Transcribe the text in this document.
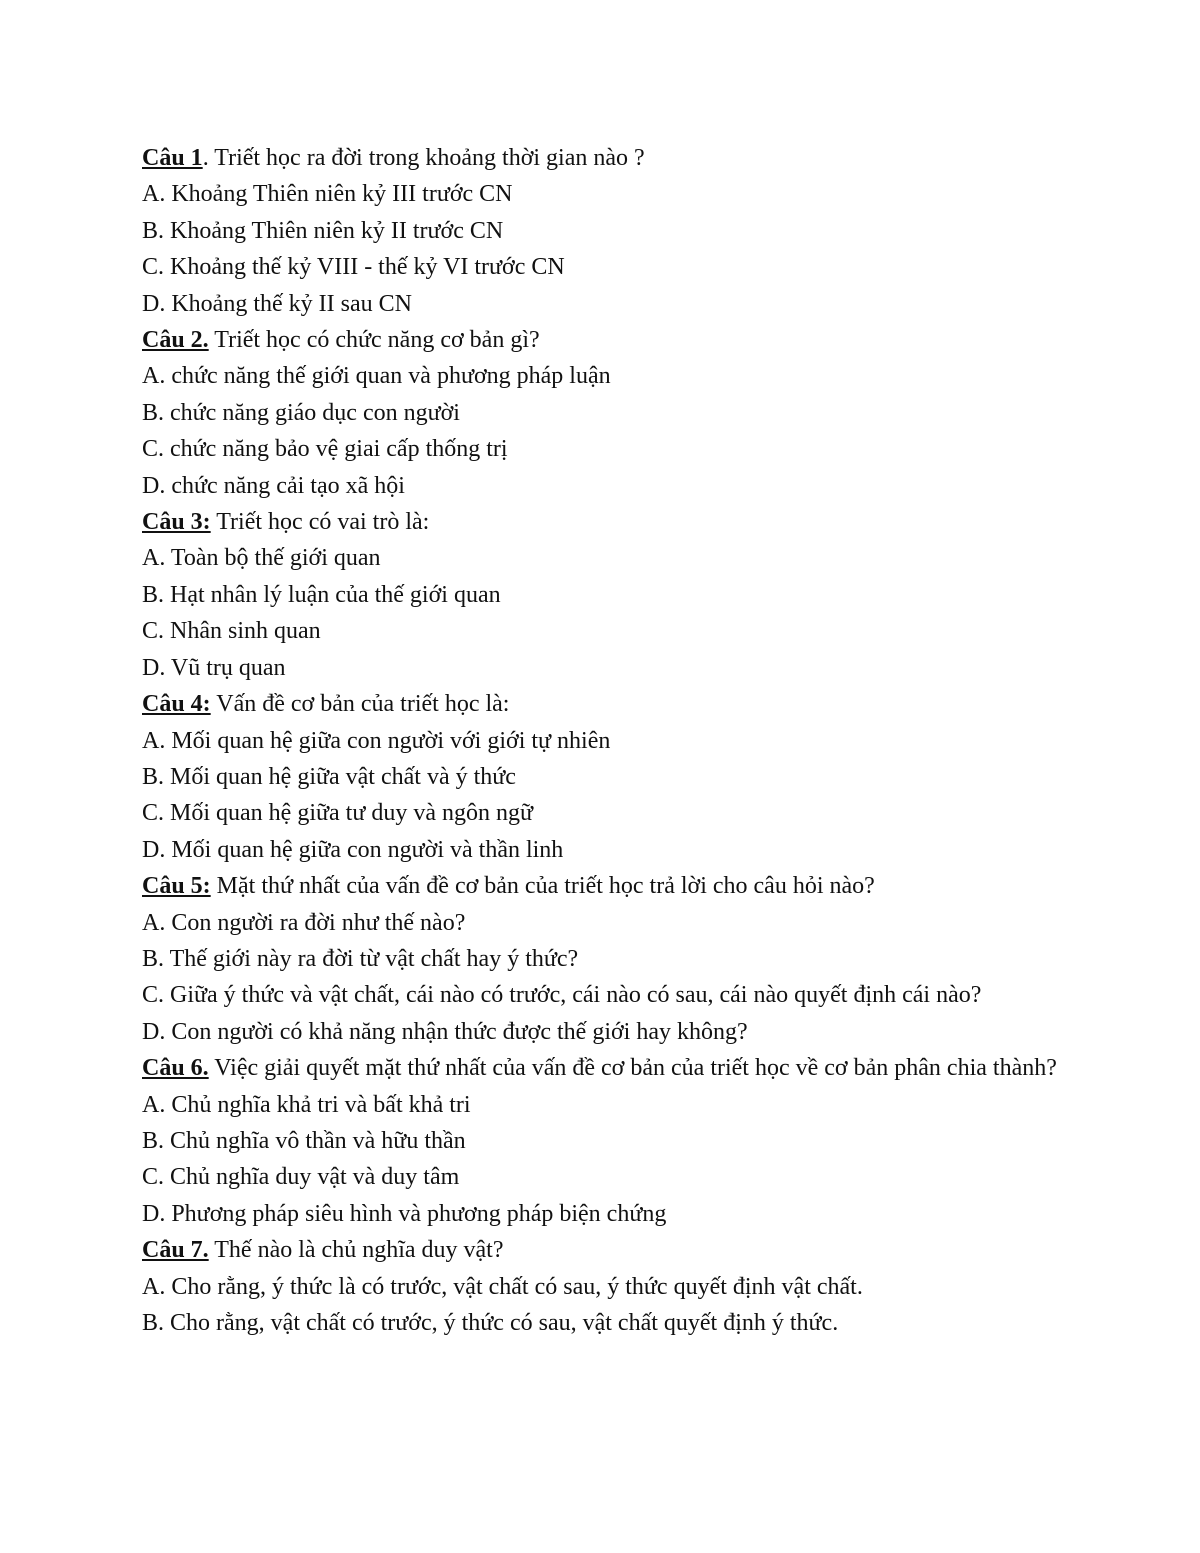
Câu 1. Triết học ra đời trong khoảng thời gian nào ?

A. Khoảng Thiên niên kỷ III trước CN

B. Khoảng Thiên niên kỷ II trước CN

C. Khoảng thế kỷ VIII - thế kỷ VI trước CN

D. Khoảng thế kỷ II sau CN

Câu 2. Triết học có chức năng cơ bản gì?

A. chức năng thế giới quan và phương pháp luận

B. chức năng giáo dục con người

C. chức năng bảo vệ giai cấp thống trị

D. chức năng cải tạo xã hội

Câu 3: Triết học có vai trò là:

A. Toàn bộ thế giới quan

B. Hạt nhân lý luận của thế giới quan

C. Nhân sinh quan

D. Vũ trụ quan

Câu 4: Vấn đề cơ bản của triết học là:

A. Mối quan hệ giữa con người với giới tự nhiên

B. Mối quan hệ giữa vật chất và ý thức

C. Mối quan hệ giữa tư duy và ngôn ngữ

D. Mối quan hệ giữa con người và thần linh

Câu 5: Mặt thứ nhất của vấn đề cơ bản của triết học trả lời cho câu hỏi nào?

A. Con người ra đời như thế nào?

B. Thế giới này ra đời từ vật chất hay ý thức?

C. Giữa ý thức và vật chất, cái nào có trước, cái nào có sau, cái nào quyết định cái nào?

D. Con người có khả năng nhận thức được thế giới hay không?

Câu 6. Việc giải quyết mặt thứ nhất của vấn đề cơ bản của triết học về cơ bản phân chia thành?

A. Chủ nghĩa khả tri và bất khả tri

B. Chủ nghĩa vô thần và hữu thần

C. Chủ nghĩa duy vật và duy tâm

D. Phương pháp siêu hình và phương pháp biện chứng

Câu 7. Thế nào là chủ nghĩa duy vật?

A. Cho rằng, ý thức là có trước, vật chất có sau, ý thức quyết định vật chất.

B. Cho rằng, vật chất có trước, ý thức có sau, vật chất quyết định ý thức.
